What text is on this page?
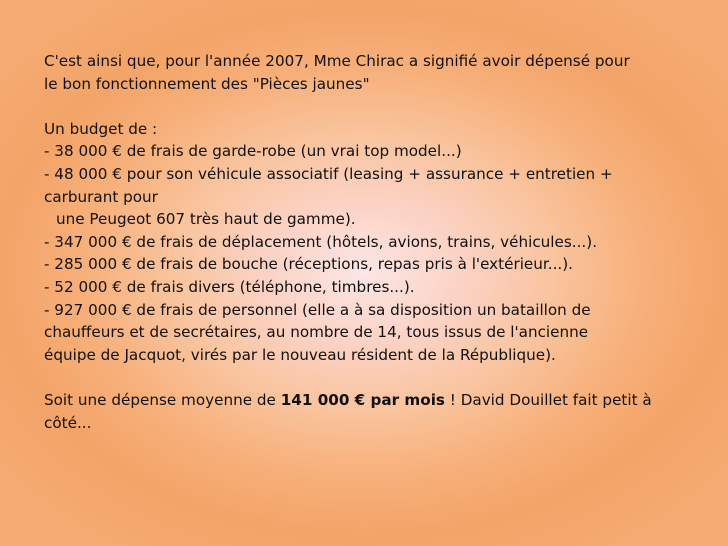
C'est ainsi que, pour l'année 2007, Mme Chirac a signifié avoir dépensé pour
le bon fonctionnement des "Pièces jaunes"
Un budget de :
- 38 000 € de frais de garde-robe (un vrai top model...)
- 48 000 € pour son véhicule associatif (leasing + assurance + entretien +
carburant pour
une Peugeot 607 très haut de gamme).
- 347 000 € de frais de déplacement (hôtels, avions, trains, véhicules...).
- 285 000 € de frais de bouche (réceptions, repas pris à l'extérieur...).
- 52 000 € de frais divers (téléphone, timbres...).
- 927 000 € de frais de personnel (elle a à sa disposition un bataillon de
chauffeurs et de secrétaires, au nombre de 14, tous issus de l'ancienne
équipe de Jacquot, virés par le nouveau résident de la République).
Soit une dépense moyenne de 141 000 € par mois ! David Douillet fait petit à
côté...
